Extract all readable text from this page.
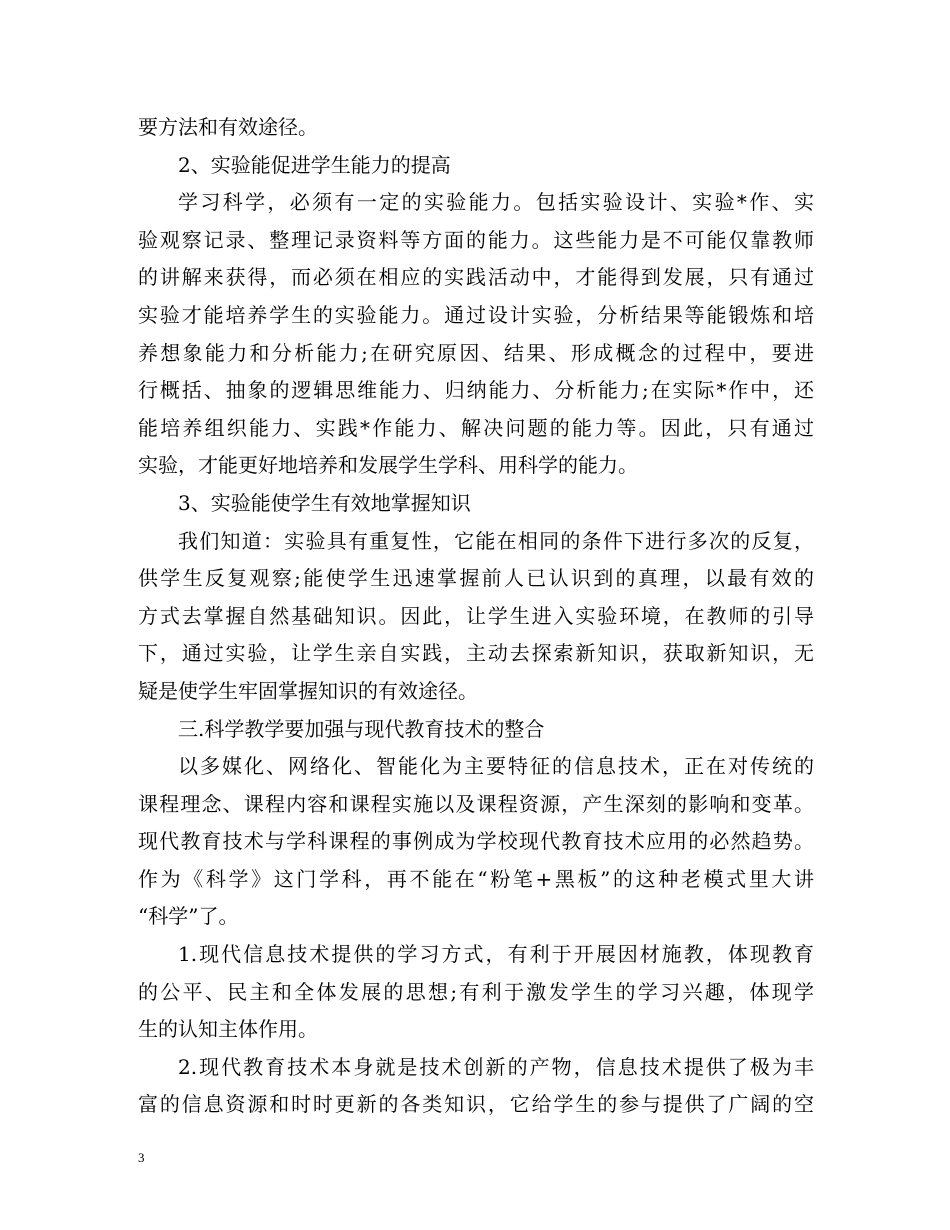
要方法和有效途径。
2、实验能促进学生能力的提高
学习科学，必须有一定的实验能力。包括实验设计、实验*作、实
验观察记录、整理记录资料等方面的能力。这些能力是不可能仅靠教师
的讲解来获得，而必须在相应的实践活动中，才能得到发展，只有通过
实验才能培养学生的实验能力。通过设计实验，分析结果等能锻炼和培
养想象能力和分析能力;在研究原因、结果、形成概念的过程中，要进
行概括、抽象的逻辑思维能力、归纳能力、分析能力;在实际*作中，还
能培养组织能力、实践*作能力、解决问题的能力等。因此，只有通过
实验，才能更好地培养和发展学生学科、用科学的能力。
3、实验能使学生有效地掌握知识
我们知道：实验具有重复性，它能在相同的条件下进行多次的反复，
供学生反复观察;能使学生迅速掌握前人已认识到的真理，以最有效的
方式去掌握自然基础知识。因此，让学生进入实验环境，在教师的引导
下，通过实验，让学生亲自实践，主动去探索新知识，获取新知识，无
疑是使学生牢固掌握知识的有效途径。
三.科学教学要加强与现代教育技术的整合
以多媒化、网络化、智能化为主要特征的信息技术，正在对传统的
课程理念、课程内容和课程实施以及课程资源，产生深刻的影响和变革。
现代教育技术与学科课程的事例成为学校现代教育技术应用的必然趋势。
作为《科学》这门学科，再不能在“粉笔+黑板”的这种老模式里大讲
“科学”了。
1.现代信息技术提供的学习方式，有利于开展因材施教，体现教育
的公平、民主和全体发展的思想;有利于激发学生的学习兴趣，体现学
生的认知主体作用。
2.现代教育技术本身就是技术创新的产物，信息技术提供了极为丰
富的信息资源和时时更新的各类知识，它给学生的参与提供了广阔的空
3
